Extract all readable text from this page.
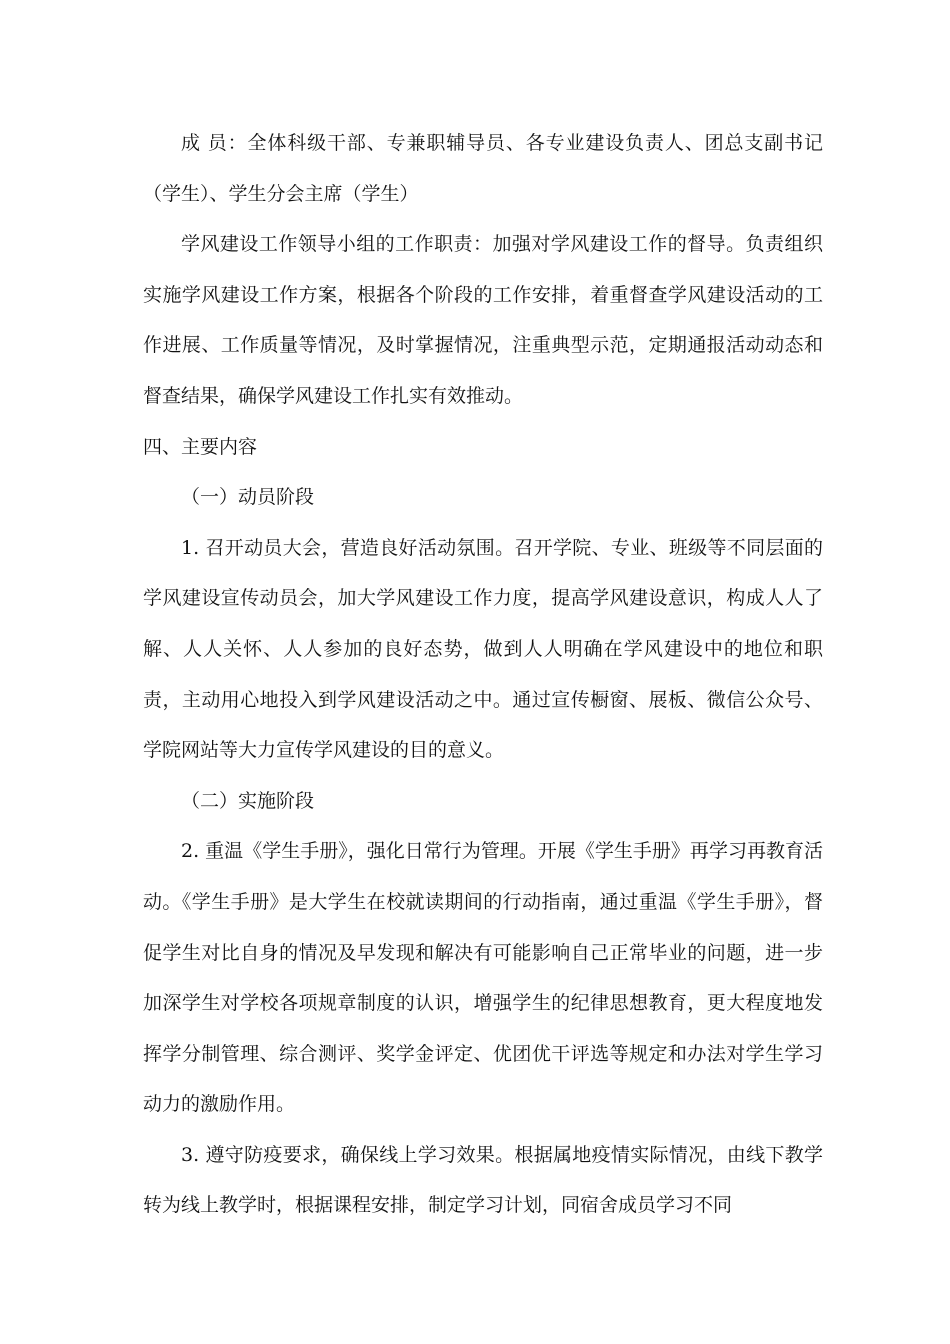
成 员：全体科级干部、专兼职辅导员、各专业建设负责人、团总支副书记（学生）、学生分会主席（学生）

学风建设工作领导小组的工作职责：加强对学风建设工作的督导。负责组织实施学风建设工作方案，根据各个阶段的工作安排，着重督查学风建设活动的工作进展、工作质量等情况，及时掌握情况，注重典型示范，定期通报活动动态和督查结果，确保学风建设工作扎实有效推动。

四、主要内容

（一）动员阶段

1. 召开动员大会，营造良好活动氛围。召开学院、专业、班级等不同层面的学风建设宣传动员会，加大学风建设工作力度，提高学风建设意识，构成人人了解、人人关怀、人人参加的良好态势，做到人人明确在学风建设中的地位和职责，主动用心地投入到学风建设活动之中。通过宣传橱窗、展板、微信公众号、学院网站等大力宣传学风建设的目的意义。

（二）实施阶段

2. 重温《学生手册》，强化日常行为管理。开展《学生手册》再学习再教育活动。《学生手册》是大学生在校就读期间的行动指南，通过重温《学生手册》，督促学生对比自身的情况及早发现和解决有可能影响自己正常毕业的问题，进一步加深学生对学校各项规章制度的认识，增强学生的纪律思想教育，更大程度地发挥学分制管理、综合测评、奖学金评定、优团优干评选等规定和办法对学生学习动力的激励作用。

3. 遵守防疫要求，确保线上学习效果。根据属地疫情实际情况，由线下教学转为线上教学时，根据课程安排，制定学习计划，同宿舍成员学习不同
